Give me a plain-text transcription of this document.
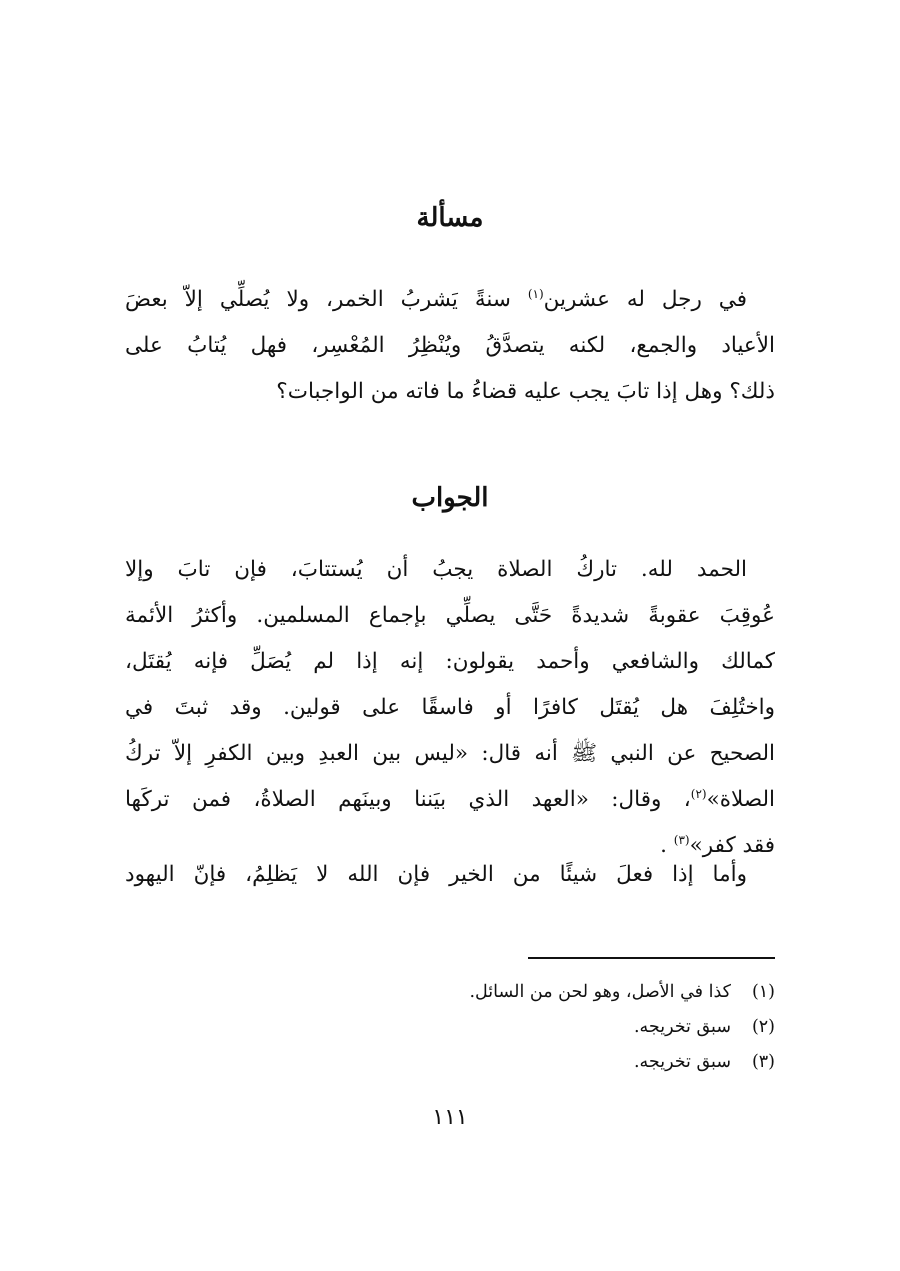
مسألة
في رجل له عشرين$^{(١)}$ سنةً يَشربُ الخمر، ولا يُصلِّي إلاّ بعضَ
الأعياد والجمع، لكنه يتصدَّقُ ويُنْظِرُ المُعْسِر، فهل يُتابُ على
ذلك؟ وهل إذا تابَ يجب عليه قضاءُ ما فاته من الواجبات؟
الجواب
الحمد لله. تاركُ الصلاة يجبُ أن يُستتابَ، فإن تابَ وإلا
عُوقِبَ عقوبةً شديدةً حَتَّى يصلِّي بإجماع المسلمين. وأكثرُ الأئمة
كمالك والشافعي وأحمد يقولون: إنه إذا لم يُصَلِّ فإنه يُقتَل،
واختُلِفَ هل يُقتَل كافرًا أو فاسقًا على قولين. وقد ثبتَ في
الصحيح عن النبي ﷺ أنه قال: «ليس بين العبدِ وبين الكفرِ إلاّ تركُ
الصلاة»$^{(٢)}$، وقال: «العهد الذي بيَننا وبينَهم الصلاةُ، فمن تركَها
فقد كفر»$^{(٣)}$ .
وأما إذا فعلَ شيئًا من الخير فإن الله لا يَظلِمُ، فإنّ اليهود
(١)كذا في الأصل، وهو لحن من السائل.
(٢)سبق تخريجه.
(٣)سبق تخريجه.
١١١
